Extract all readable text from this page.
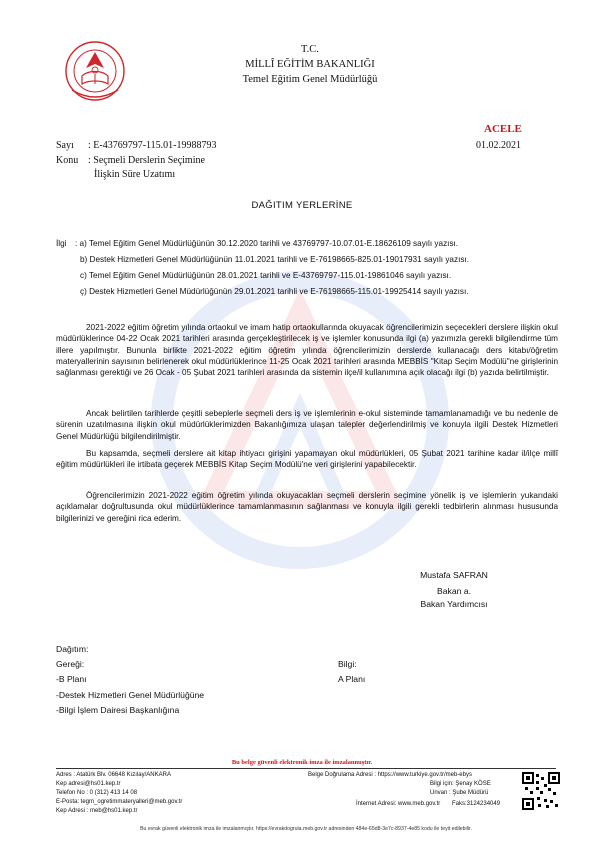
T.C.
MİLLÎ EĞİTİM BAKANLIĞI
Temel Eğitim Genel Müdürlüğü
ACELE
Sayı : E-43769797-115.01-19988793	01.02.2021
Konu : Seçmeli Derslerin Seçimine
İlişkin Süre Uzatımı
DAĞITIM YERLERİNE
İlgi : a) Temel Eğitim Genel Müdürlüğünün 30.12.2020 tarihli ve 43769797-10.07.01-E.18626109 sayılı yazısı.
b) Destek Hizmetleri Genel Müdürlüğünün 11.01.2021 tarihli ve E-76198665-825.01-19017931 sayılı yazısı.
c) Temel Eğitim Genel Müdürlüğünün 28.01.2021 tarihli ve E-43769797-115.01-19861046 sayılı yazısı.
ç) Destek Hizmetleri Genel Müdürlüğünün 29.01.2021 tarihli ve E-76198665-115.01-19925414 sayılı yazısı.
2021-2022 eğitim öğretim yılında ortaokul ve imam hatip ortaokullarında okuyacak öğrencilerimizin seçecekleri derslere ilişkin okul müdürlüklerince 04-22 Ocak 2021 tarihleri arasında gerçekleştirilecek iş ve işlemler konusunda ilgi (a) yazımızla gerekli bilgilendirme tüm illere yapılmıştır. Bununla birlikte 2021-2022 eğitim öğretim yılında öğrencilerimizin derslerde kullanacağı ders kitabı/öğretim materyallerinin sayısının belirlenerek okul müdürlüklerince 11-25 Ocak 2021 tarihleri arasında MEBBİS "Kitap Seçim Modülü"ne girişlerinin sağlanması gerektiği ve 26 Ocak - 05 Şubat 2021 tarihleri arasında da sistemin ilçe/il kullanımına açık olacağı ilgi (b) yazıda belirtilmiştir.
Ancak belirtilen tarihlerde çeşitli sebeplerle seçmeli ders iş ve işlemlerinin e-okul sisteminde tamamlanamadığı ve bu nedenle de sürenin uzatılmasına ilişkin okul müdürlüklerimizden Bakanlığımıza ulaşan talepler değerlendirilmiş ve konuyla ilgili Destek Hizmetleri Genel Müdürlüğü bilgilendirilmiştir.
Bu kapsamda, seçmeli derslere ait kitap ihtiyacı girişini yapamayan okul müdürlükleri, 05 Şubat 2021 tarihine kadar il/ilçe millî eğitim müdürlükleri ile irtibata geçerek MEBBİS Kitap Seçim Modülü'ne veri girişlerini yapabilecektir.
Öğrencilerimizin 2021-2022 eğitim öğretim yılında okuyacakları seçmeli derslerin seçimine yönelik iş ve işlemlerin yukarıdaki açıklamalar doğrultusunda okul müdürlüklerince tamamlanmasının sağlanması ve konuyla ilgili gerekli tedbirlerin alınması hususunda bilgilerinizi ve gereğini rica ederim.
Mustafa SAFRAN
Bakan a.
Bakan Yardımcısı
Dağıtım:
Gereği:
-B Planı
-Destek Hizmetleri Genel Müdürlüğüne
-Bilgi İşlem Dairesi Başkanlığına
Bilgi:
A Planı
Bu belge güvenli elektronik imza ile imzalanmıştır.
Adres : Atatürk Blv. 06648 Kızılay/ANKARA
Kep adresi@hs01.kep.tr
Telefon No : 0 (312) 413 14 08
E-Posta: tegm_ogretimmateryalleri@meb.gov.tr
Kep Adresi : meb@hs01.kep.tr
Belge Doğrulama Adresi : https://www.turkiye.gov.tr/meb-ebys
Bilgi için: Şenay KÖSE
Unvan : Şube Müdürü
İnternet Adresi: www.meb.gov.tr Faks:3124234049
Bu evrak güvenli elektronik imza ile imzalanmıştır. https://evrakdogrula.meb.gov.tr adresinden 484e-65d8-3e7c-8937-4e85 kodu ile teyit edilebilir.
